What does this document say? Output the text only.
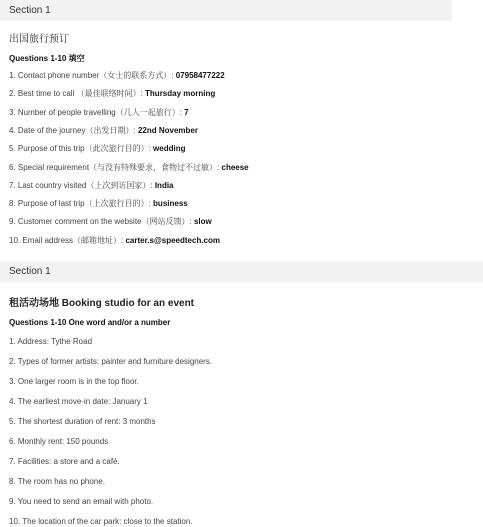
Section 1
出国旅行预订
Questions 1-10 填空
1. Contact phone number（女士的联系方式）: 07958477222
2. Best time to call （最佳联络时间）: Thursday morning
3. Number of people travelling（几人一起旅行）: 7
4. Date of the journey（出发日期）: 22nd November
5. Purpose of this trip（此次旅行目的）: wedding
6. Special requirement（与没有特殊要求，食物过不过敏）: cheese
7. Last country visited（上次到访国家）: India
8. Purpose of last trip（上次旅行目的）: business
9. Customer comment on the website（网站反馈）: slow
10. Email address（邮箱地址）: carter.s@speedtech.com
Section 1
租活动场地 Booking studio for an event
Questions 1-10 One word and/or a number
1. Address: Tythe Road
2. Types of former artists: painter and furniture designers.
3. One larger room is in the top floor.
4. The earliest move-in date: January 1
5. The shortest duration of rent: 3 months
6. Monthly rent: 150 pounds
7. Facilities: a store and a café.
8. The room has no phone.
9. You need to send an email with photo.
10. The location of the car park: close to the station.
